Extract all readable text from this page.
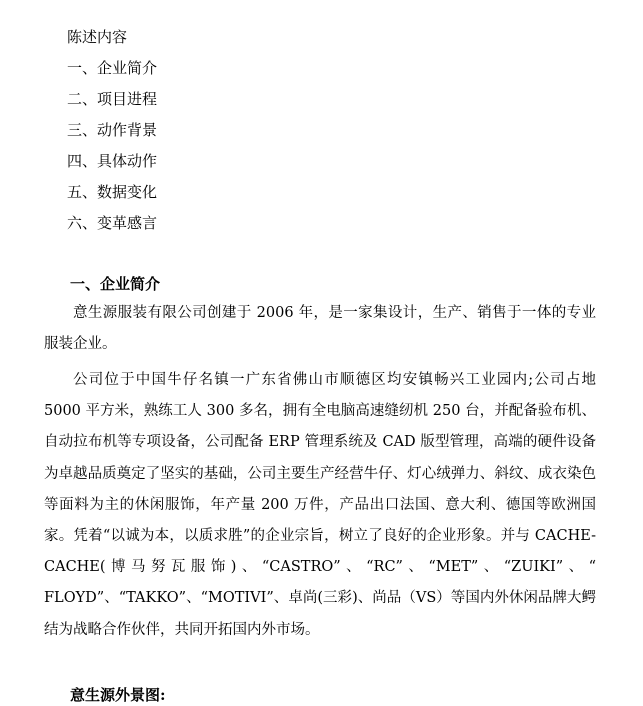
陈述内容
一、企业简介
二、项目进程
三、动作背景
四、具体动作
五、数据变化
六、变革感言
一、企业简介

意生源服装有限公司创建于 2006 年，是一家集设计，生产、销售于一体的专业服装企业。

公司位于中国牛仔名镇一广东省佛山市顺德区均安镇畅兴工业园内;公司占地 5000 平方米，熟练工人 300 多名，拥有全电脑高速缝纫机 250 台，并配备验布机、自动拉布机等专项设备，公司配备 ERP 管理系统及 CAD 版型管理，高端的硬件设备为卓越品质奠定了坚实的基础，公司主要生产经营牛仔、灯心绒弹力、斜纹、成衣染色等面料为主的休闲服饰，年产量 200 万件，产品出口法国、意大利、德国等欧洲国家。凭着“以诚为本，以质求胜”的企业宗旨，树立了良好的企业形象。并与 CACHE-CACHE(博马努瓦服饰)、“CASTRO”、“RC”、“MET”、“ZUIKI”、“ FLOYD”、“TAKKO”、“MOTIVI”、卓尚(三彩)、尚品（VS）等国内外休闲品牌大鳄结为战略合作伙伴，共同开拓国内外市场。

意生源外景图:
